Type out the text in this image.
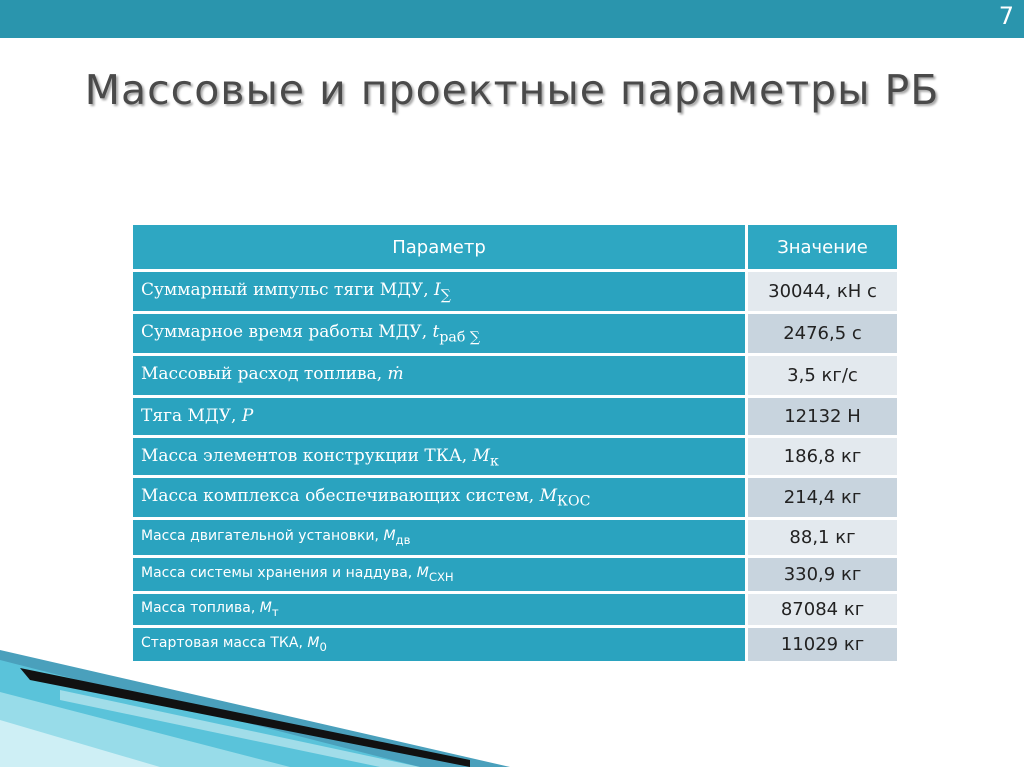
7
Массовые и проектные параметры РБ
Параметр	Значение
Суммарный импульс тяги МДУ, $I_\sum$	30044, кН с
Суммарное время работы МДУ, $t_{раб \sum}$	2476,5 с
Массовый расход топлива, ṁ	3,5 кг/с
Тяга МДУ, P	12132 Н
Масса элементов конструкции ТКА, $M_к$	186,8 кг
Масса комплекса обеспечивающих систем, $M_{КОС}$	214,4 кг
Масса двигательной установки, $M_{дв}$	88,1 кг
Масса системы хранения и наддува, $M_{СХН}$	330,9 кг
Масса топлива, $M_т$	87084 кг
Стартовая масса ТКА, $M_0$	11029 кг
